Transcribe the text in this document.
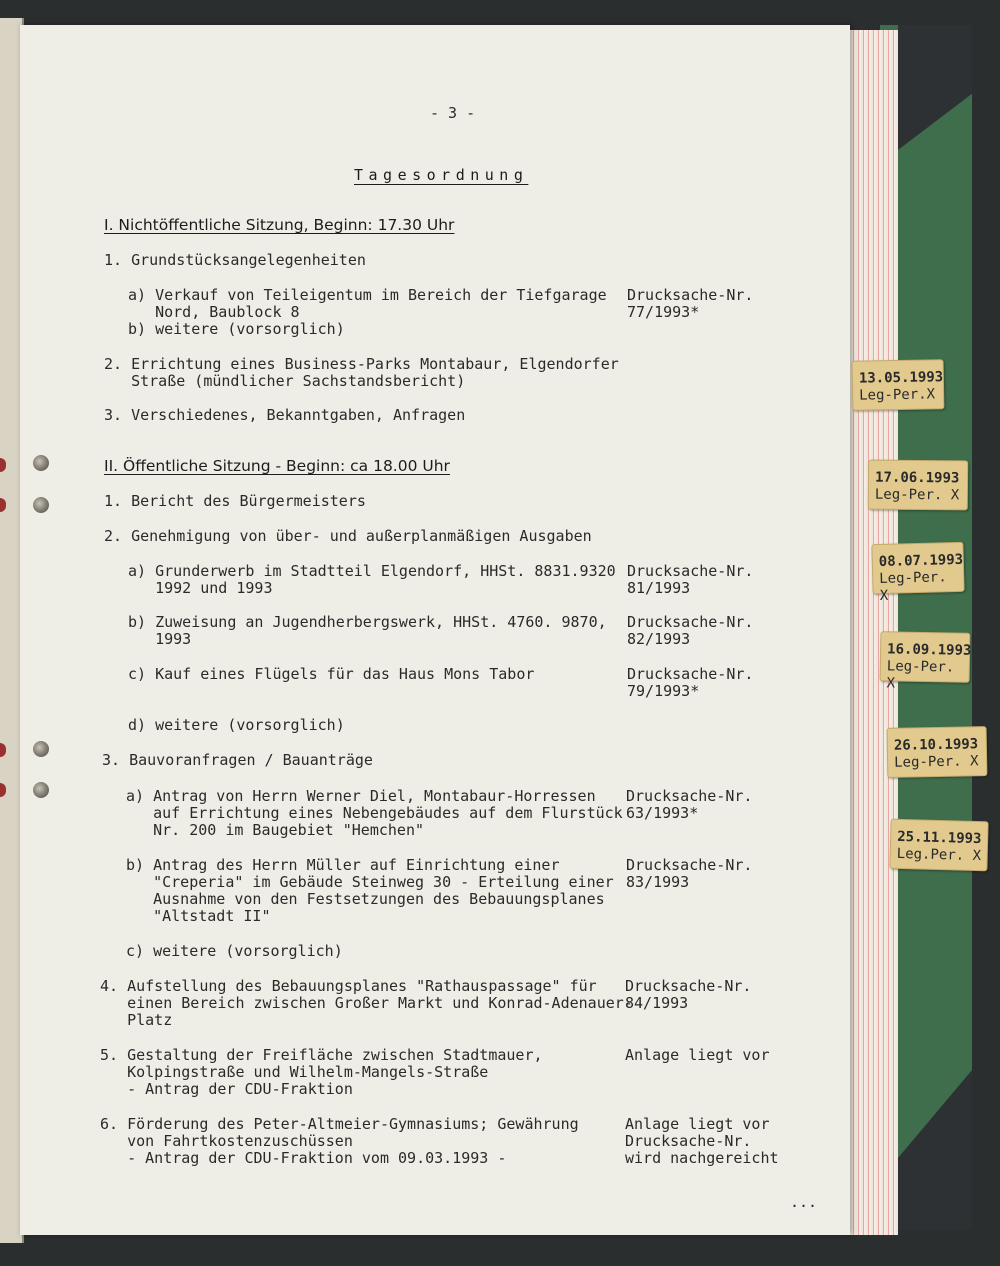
- 3 -
Tagesordnung
I. Nichtöffentliche Sitzung, Beginn: 17.30 Uhr
1. Grundstücksangelegenheiten
a) Verkauf von Teileigentum im Bereich der Tiefgarage
Nord, Baublock 8
Drucksache-Nr.
77/1993*
b) weitere (vorsorglich)
2. Errichtung eines Business-Parks Montabaur, Elgendorfer
Straße (mündlicher Sachstandsbericht)
3. Verschiedenes, Bekanntgaben, Anfragen
II. Öffentliche Sitzung - Beginn: ca 18.00 Uhr
1. Bericht des Bürgermeisters
2. Genehmigung von über- und außerplanmäßigen Ausgaben
a) Grunderwerb im Stadtteil Elgendorf, HHSt. 8831.9320
1992 und 1993
Drucksache-Nr.
81/1993
b) Zuweisung an Jugendherbergswerk, HHSt. 4760. 9870,
1993
Drucksache-Nr.
82/1993
c) Kauf eines Flügels für das Haus Mons Tabor	Drucksache-Nr.
79/1993*
d) weitere (vorsorglich)
3. Bauvoranfragen / Bauanträge
a) Antrag von Herrn Werner Diel, Montabaur-Horressen
auf Errichtung eines Nebengebäudes auf dem Flurstück
Nr. 200 im Baugebiet "Hemchen"
Drucksache-Nr.
63/1993*
b) Antrag des Herrn Müller auf Einrichtung einer
"Creperia" im Gebäude Steinweg 30 - Erteilung einer
Ausnahme von den Festsetzungen des Bebauungsplanes
"Altstadt II"
Drucksache-Nr.
83/1993
c) weitere (vorsorglich)
4. Aufstellung des Bebauungsplanes "Rathauspassage" für
einen Bereich zwischen Großer Markt und Konrad-Adenauer-
Platz
Drucksache-Nr.
84/1993
5. Gestaltung der Freifläche zwischen Stadtmauer,
Kolpingstraße und Wilhelm-Mangels-Straße
- Antrag der CDU-Fraktion
Anlage liegt vor
6. Förderung des Peter-Altmeier-Gymnasiums; Gewährung
von Fahrtkostenzuschüssen
- Antrag der CDU-Fraktion vom 09.03.1993 -
Anlage liegt vor
Drucksache-Nr.
wird nachgereicht
...
13.05.1993
Leg-Per.X
17.06.1993
Leg-Per. X
08.07.1993
Leg-Per. X
16.09.1993
Leg-Per. X
26.10.1993
Leg-Per. X
25.11.1993
Leg.Per. X
